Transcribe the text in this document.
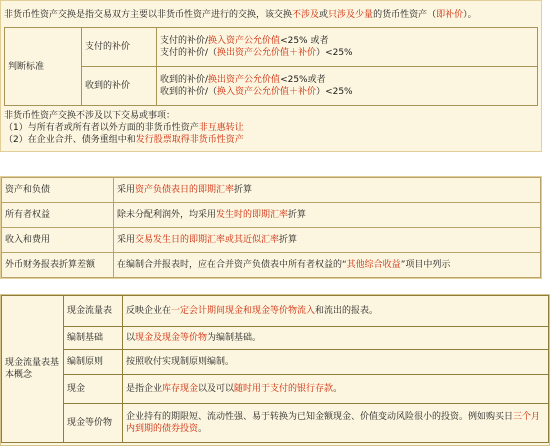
非货币性资产交换是指交易双方主要以非货币性资产进行的交换，该交换不涉及或只涉及少量的货币性资产（即补价）。
判断标准	支付的补价	支付的补价/换入资产公允价值<25% 或者
支付的补价/（换出资产公允价值＋补价）<25%

	收到的补价	收到的补价/换出资产公允价值<25%或者
收到的补价/（换入资产公允价值＋补价）<25%
非货币性资产交换不涉及以下交易或事项：
（1）与所有者或所有者以外方面的非货币性资产非互惠转让
（2）在企业合并、债务重组中和发行股票取得非货币性资产
资产和负债	采用资产负债表日的即期汇率折算
所有者权益	除未分配利润外，均采用发生时的即期汇率折算
收入和费用	采用交易发生日的即期汇率或其近似汇率折算
外币财务报表折算差额	在编制合并报表时，应在合并资产负债表中所有者权益的“其他综合收益”项目中列示
现金流量表基本概念	现金流量表	反映企业在一定会计期间现金和现金等价物流入和流出的报表。
	编制基础	以现金及现金等价物为编制基础。
	编制原则	按照收付实现制原则编制。
	现金	是指企业库存现金以及可以随时用于支付的银行存款。
	现金等价物	企业持有的期限短、流动性强、易于转换为已知金额现金、价值变动风险很小的投资。例如购买日三个月内到期的债券投资。
